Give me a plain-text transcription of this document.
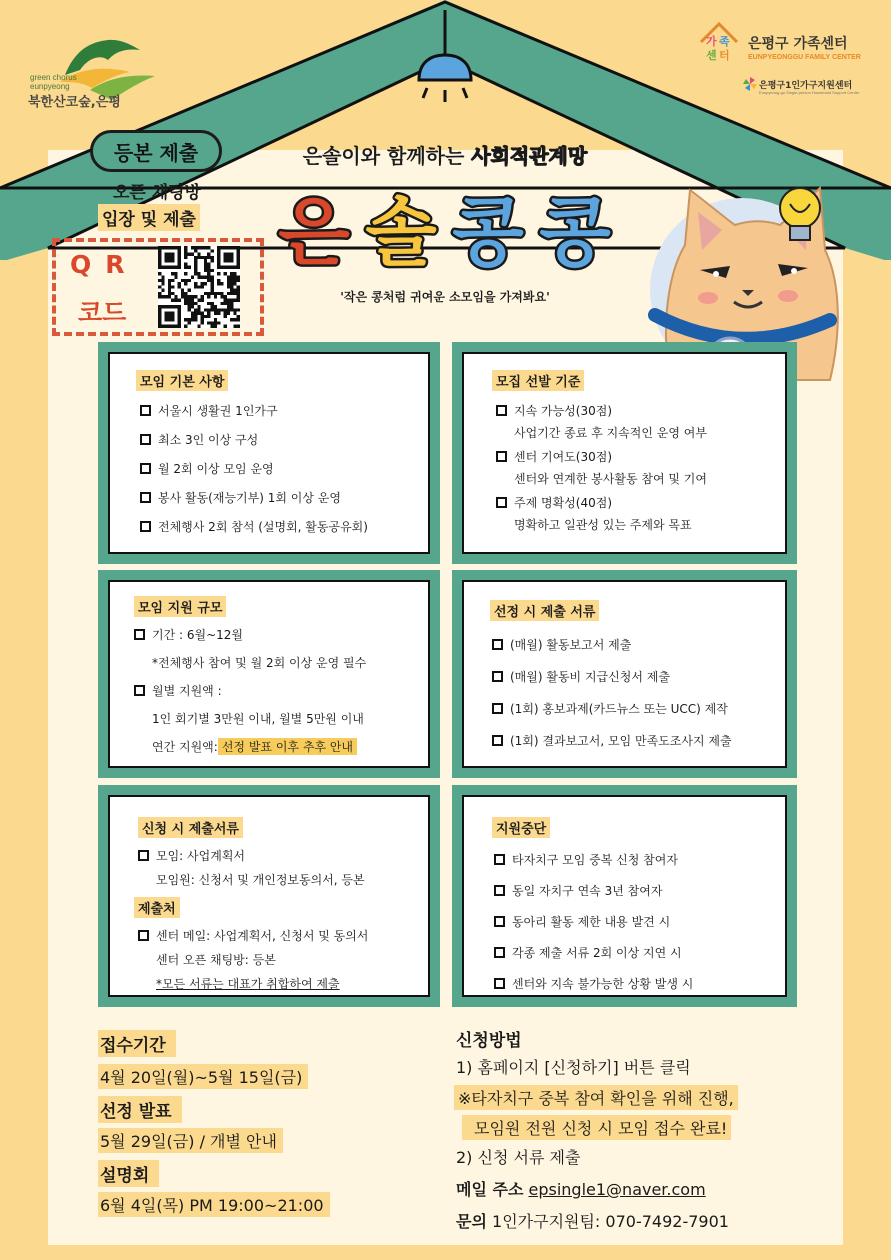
green chorus
eunpyeong
북한산코숲,은평
가 족
센 터
은평구 가족센터
EUNPYEONGGU FAMILY CENTER
은평구1인가구지원센터
Eunpyeong-gu Single-person Household Support Center
등본 제출
오픈 채팅방
입장 및 제출
QR
코드
은솔이와 함께하는 사회적관계망
은 솔 콩 콩
'작은 콩처럼 귀여운 소모임을 가져봐요'
모임 기본 사항
서울시 생활권 1인가구
최소 3인 이상 구성
월 2회 이상 모임 운영
봉사 활동(재능기부) 1회 이상 운영
전체행사 2회 참석 (설명회, 활동공유회)
모집 선발 기준
지속 가능성(30점)
사업기간 종료 후 지속적인 운영 여부
센터 기여도(30점)
센터와 연계한 봉사활동 참여 및 기여
주제 명확성(40점)
명확하고 일관성 있는 주제와 목표
모임 지원 규모
기간 : 6월~12월
*전체행사 참여 및 월 2회 이상 운영 필수
월별 지원액 :
1인 회기별 3만원 이내, 월별 5만원 이내
연간 지원액: 선정 발표 이후 추후 안내
선정 시 제출 서류
(매월) 활동보고서 제출
(매월) 활동비 지급신청서 제출
(1회) 홍보과제(카드뉴스 또는 UCC) 제작
(1회) 결과보고서, 모임 만족도조사지 제출
신청 시 제출서류
모임: 사업계획서
모임원: 신청서 및 개인정보동의서, 등본
제출처
센터 메일: 사업계획서, 신청서 및 동의서
센터 오픈 채팅방: 등본
*모든 서류는 대표가 취합하여 제출
지원중단
타자치구 모임 중복 신청 참여자
동일 자치구 연속 3년 참여자
동아리 활동 제한 내용 발견 시
각종 제출 서류 2회 이상 지연 시
센터와 지속 불가능한 상황 발생 시
접수기간
4월 20일(월)~5월 15일(금)
선정 발표
5월 29일(금) / 개별 안내
설명회
6월 4일(목) PM 19:00~21:00
신청방법
1) 홈페이지 [신청하기] 버튼 클릭
※타자치구 중복 참여 확인을 위해 진행,
모임원 전원 신청 시 모임 접수 완료!
2) 신청 서류 제출
메일 주소 epsingle1@naver.com
문의 1인가구지원팀: 070-7492-7901
